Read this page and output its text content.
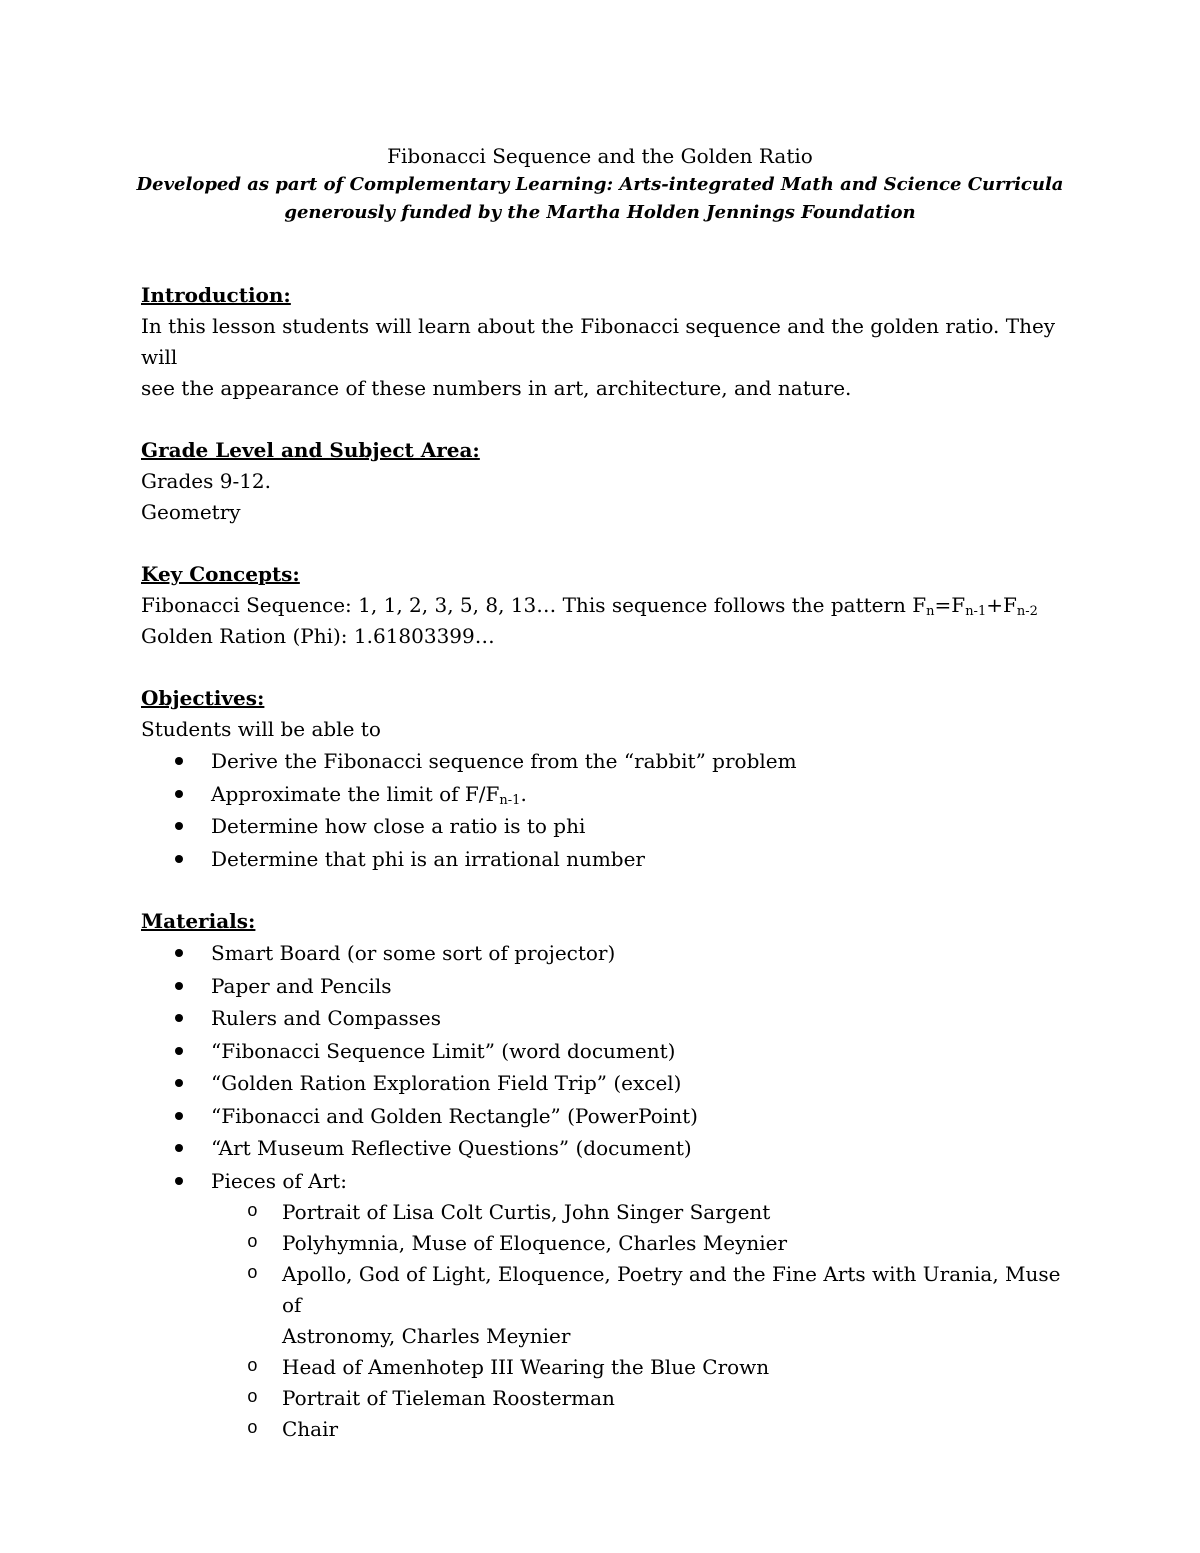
Fibonacci Sequence and the Golden Ratio
Developed as part of Complementary Learning: Arts-integrated Math and Science Curricula
generously funded by the Martha Holden Jennings Foundation
Introduction:

In this lesson students will learn about the Fibonacci sequence and the golden ratio. They will

see the appearance of these numbers in art, architecture, and nature.

Grade Level and Subject Area:

Grades 9-12.

Geometry

Key Concepts:

Fibonacci Sequence: 1, 1, 2, 3, 5, 8, 13… This sequence follows the pattern $F_n=F_{n-1}+F_{n-2}$

Golden Ration (Phi): 1.61803399…

Objectives:

Students will be able to

Derive the Fibonacci sequence from the “rabbit” problem
Approximate the limit of $F/F_{n-1}$.
Determine how close a ratio is to phi
Determine that phi is an irrational number
Materials:
Smart Board (or some sort of projector)
Paper and Pencils
Rulers and Compasses
“Fibonacci Sequence Limit” (word document)
“Golden Ration Exploration Field Trip” (excel)
“Fibonacci and Golden Rectangle” (PowerPoint)
“Art Museum Reflective Questions” (document)
Pieces of Art:
o Portrait of Lisa Colt Curtis, John Singer Sargent
o Polyhymnia, Muse of Eloquence, Charles Meynier
o Apollo, God of Light, Eloquence, Poetry and the Fine Arts with Urania, Muse of
Astronomy, Charles Meynier
o Head of Amenhotep III Wearing the Blue Crown
o Portrait of Tieleman Roosterman
o Chair
